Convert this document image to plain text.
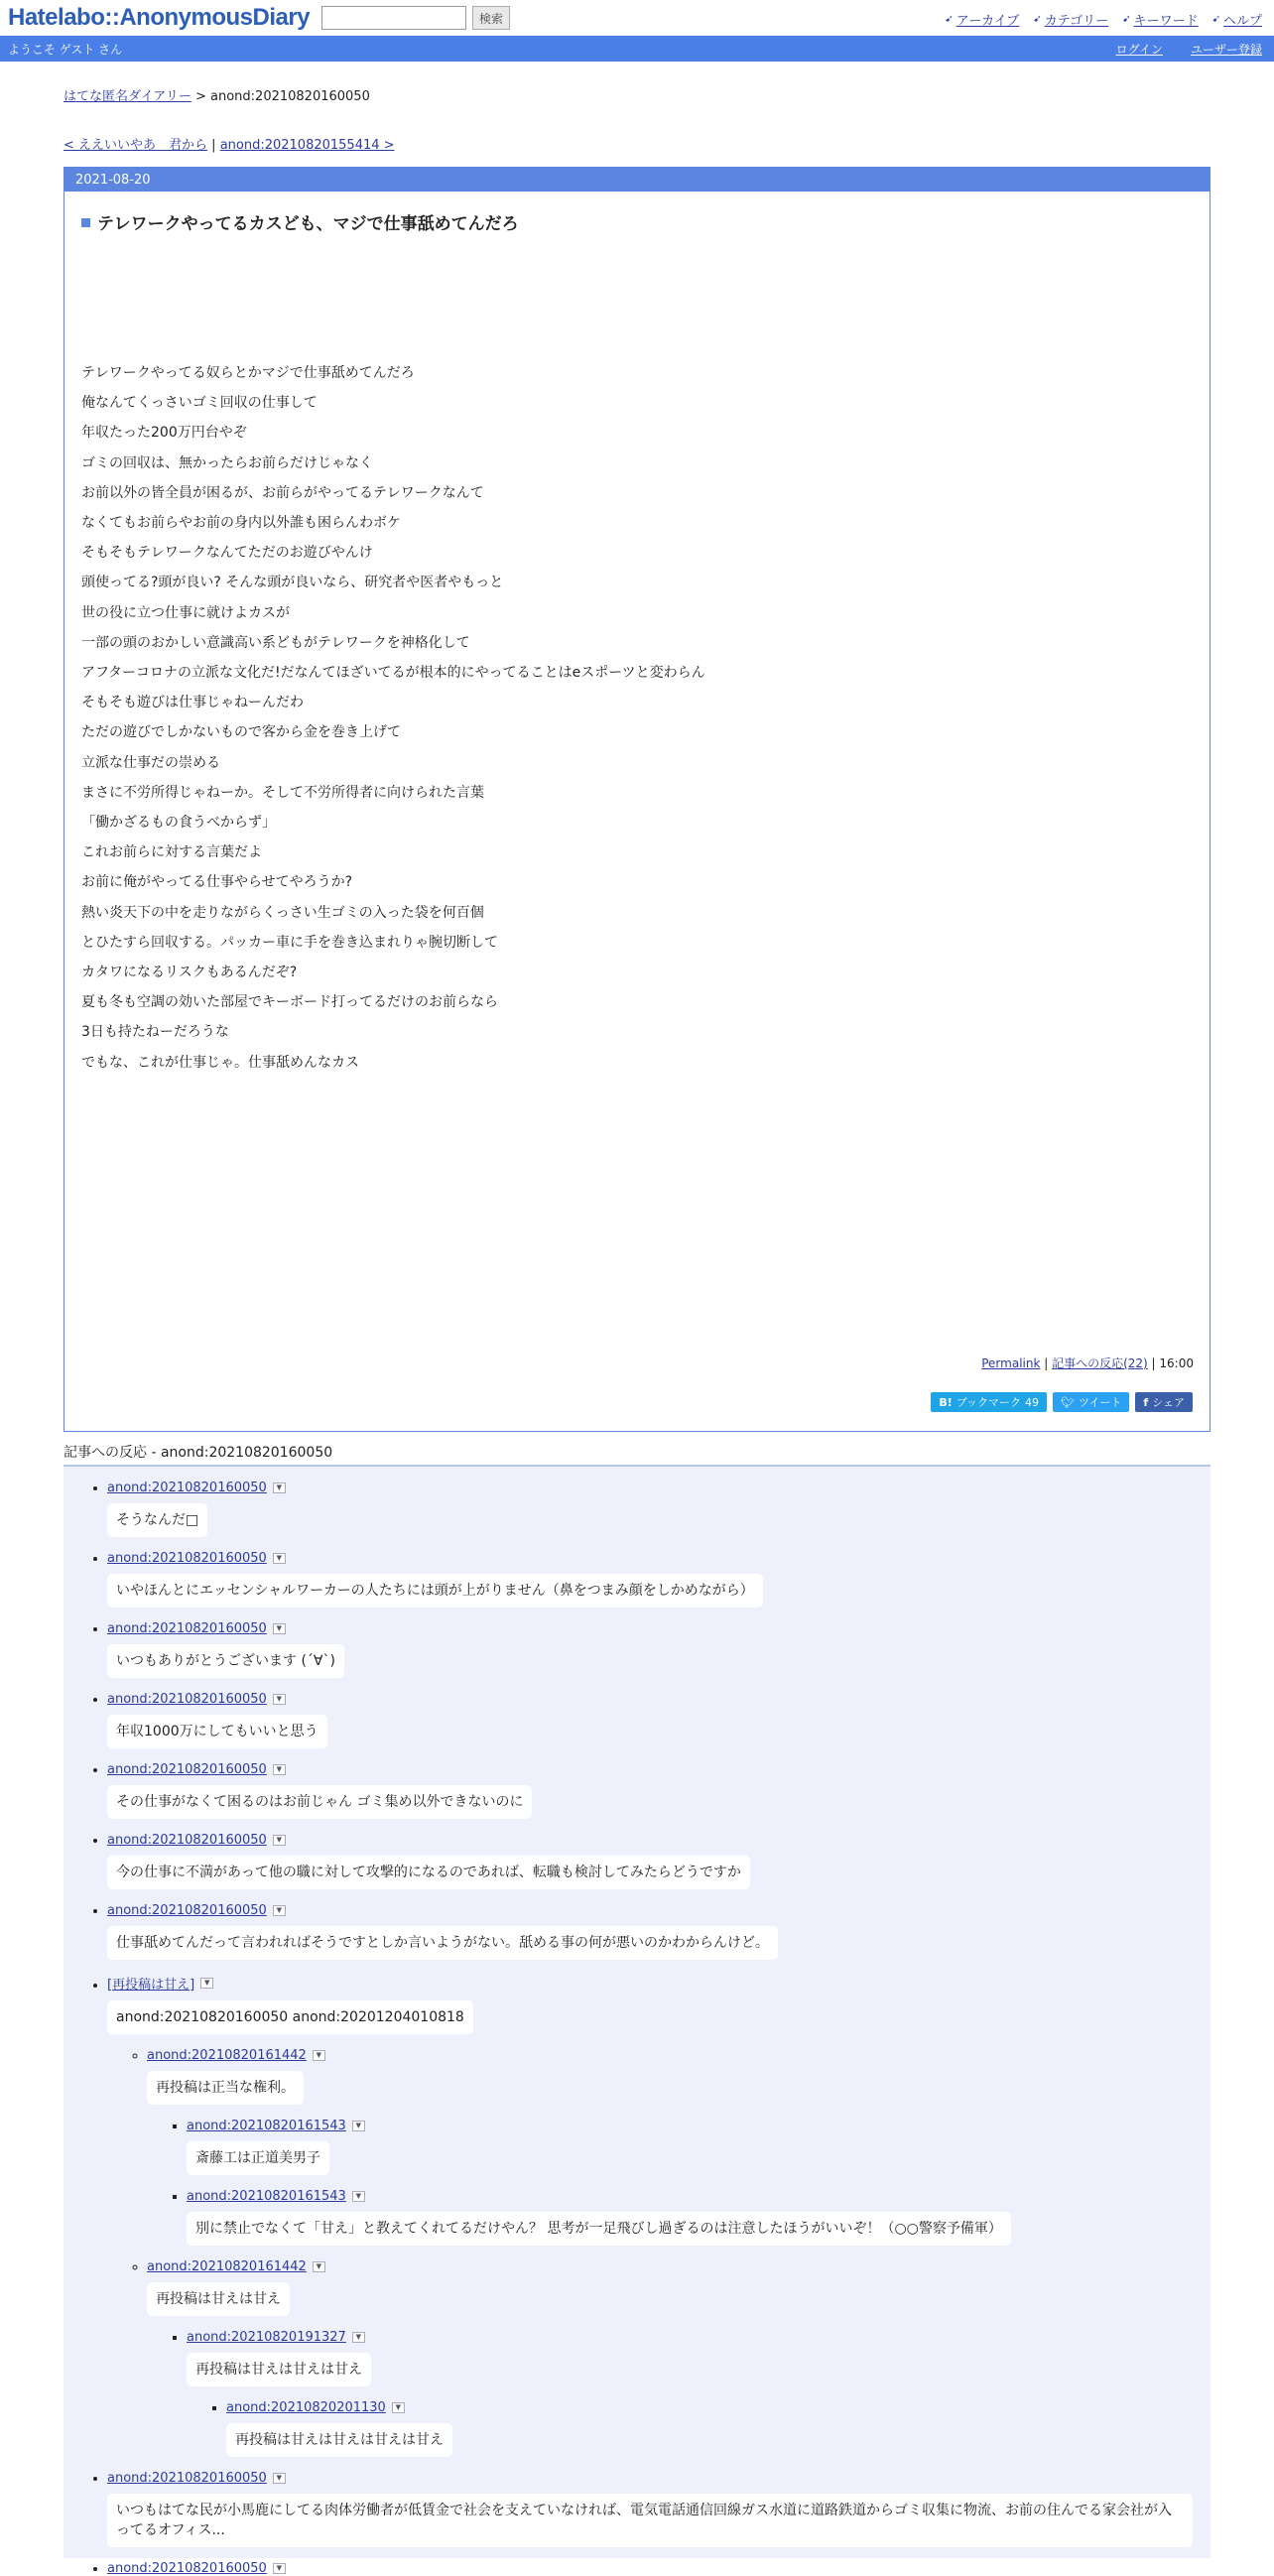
Hatelabo::AnonymousDiary	検索	➹ アーカイブ ➹ カテゴリー ➹ キーワード ➹ ヘルプ
ようこそ ゲスト さん	ログイン ユーザー登録
はてな匿名ダイアリー > anond:20210820160050
< ええいいやあ　君から | anond:20210820155414 >
2021-08-20
テレワークやってるカスども、マジで仕事舐めてんだろ
テレワークやってる奴らとかマジで仕事舐めてんだろ
俺なんてくっさいゴミ回収の仕事して
年収たった200万円台やぞ
ゴミの回収は、無かったらお前らだけじゃなく
お前以外の皆全員が困るが、お前らがやってるテレワークなんて
なくてもお前らやお前の身内以外誰も困らんわボケ
そもそもテレワークなんてただのお遊びやんけ
頭使ってる?頭が良い? そんな頭が良いなら、研究者や医者やもっと
世の役に立つ仕事に就けよカスが
一部の頭のおかしい意識高い系どもがテレワークを神格化して
アフターコロナの立派な文化だ!だなんてほざいてるが根本的にやってることはeスポーツと変わらん
そもそも遊びは仕事じゃねーんだわ
ただの遊びでしかないもので客から金を巻き上げて
立派な仕事だの崇める
まさに不労所得じゃねーか。そして不労所得者に向けられた言葉
「働かざるもの食うべからず」
これお前らに対する言葉だよ
お前に俺がやってる仕事やらせてやろうか?
熱い炎天下の中を走りながらくっさい生ゴミの入った袋を何百個
とひたすら回収する。パッカー車に手を巻き込まれりゃ腕切断して
カタワになるリスクもあるんだぞ?
夏も冬も空調の効いた部屋でキーボード打ってるだけのお前らなら
3日も持たねーだろうな
でもな、これが仕事じゃ。仕事舐めんなカス
Permalink | 記事への反応(22) | 16:00
B! ブックマーク 49 🐦︎ ツイート f シェア
記事への反応 - anond:20210820160050
• anond:20210820160050	▼

そうなんだ□
• anond:20210820160050	▼

いやほんとにエッセンシャルワーカーの人たちには頭が上がりません（鼻をつまみ顔をしかめながら）
• anond:20210820160050	▼

いつもありがとうございます (´∀`)
• anond:20210820160050	▼

年収1000万にしてもいいと思う
• anond:20210820160050	▼

その仕事がなくて困るのはお前じゃん ゴミ集め以外できないのに
• anond:20210820160050	▼

今の仕事に不満があって他の職に対して攻撃的になるのであれば、転職も検討してみたらどうですか
• anond:20210820160050	▼

仕事舐めてんだって言われればそうですとしか言いようがない。舐める事の何が悪いのかわからんけど。
• [再投稿は甘え]	▼

anond:20210820160050 anond:20201204010818
◦ anond:20210820161442	▼

再投稿は正当な権利。
▪ anond:20210820161543	▼

斎藤工は正道美男子
▪ anond:20210820161543	▼

別に禁止でなくて「甘え」と教えてくれてるだけやん？ 思考が一足飛びし過ぎるのは注意したほうがいいぞ！（○○警察予備軍）
◦ anond:20210820161442	▼

再投稿は甘えは甘え
▪ anond:20210820191327	▼

再投稿は甘えは甘えは甘え
▪ anond:20210820201130	▼

再投稿は甘えは甘えは甘えは甘え
• anond:20210820160050	▼

いつもはてな民が小馬鹿にしてる肉体労働者が低賃金で社会を支えていなければ、電気電話通信回線ガス水道に道路鉄道からゴミ収集に物流、お前の住んでる家会社が入ってるオフィス...
• anond:20210820160050	▼
